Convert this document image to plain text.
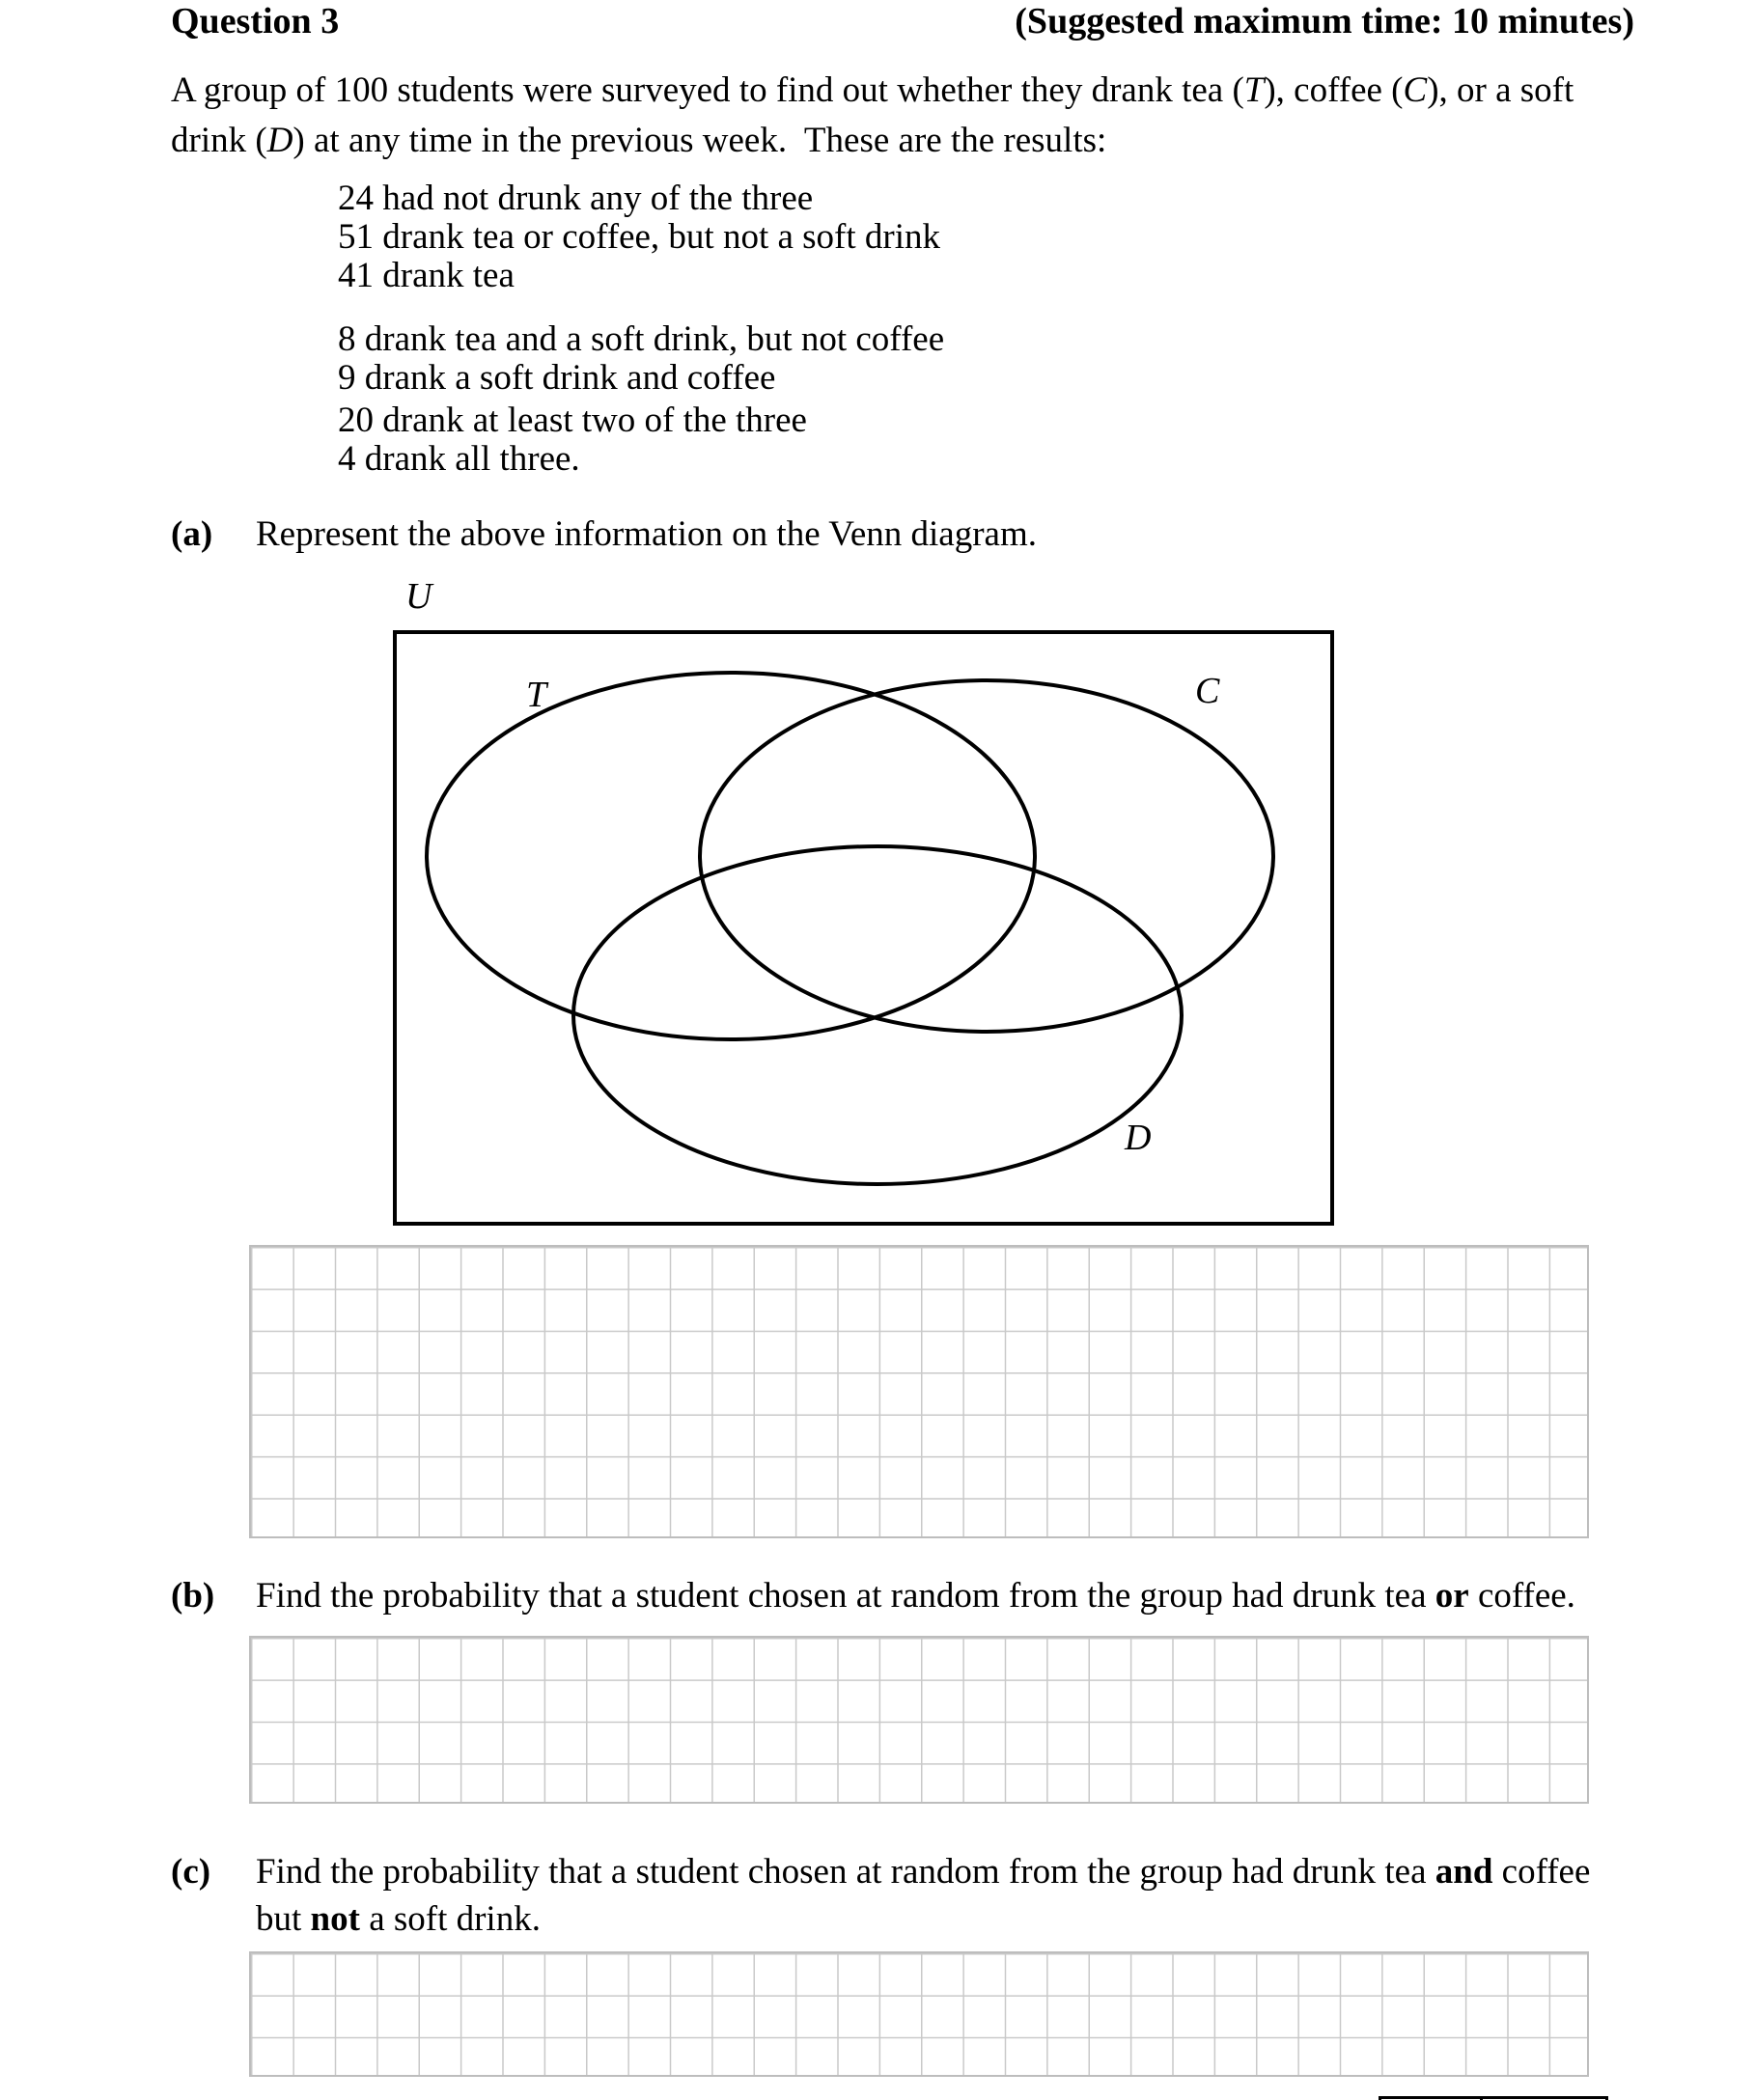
Question 3	(Suggested maximum time: 10 minutes)
A group of 100 students were surveyed to find out whether they drank tea (T), coffee (C), or a soft
drink (D) at any time in the previous week.  These are the results:
24 had not drunk any of the three
51 drank tea or coffee, but not a soft drink
41 drank tea
8 drank tea and a soft drink, but not coffee
9 drank a soft drink and coffee
20 drank at least two of the three
4 drank all three.
(a) Represent the above information on the Venn diagram.
U
T	C
D
(b) Find the probability that a student chosen at random from the group had drunk tea or coffee.
(c) Find the probability that a student chosen at random from the group had drunk tea and coffee
but not a soft drink.
